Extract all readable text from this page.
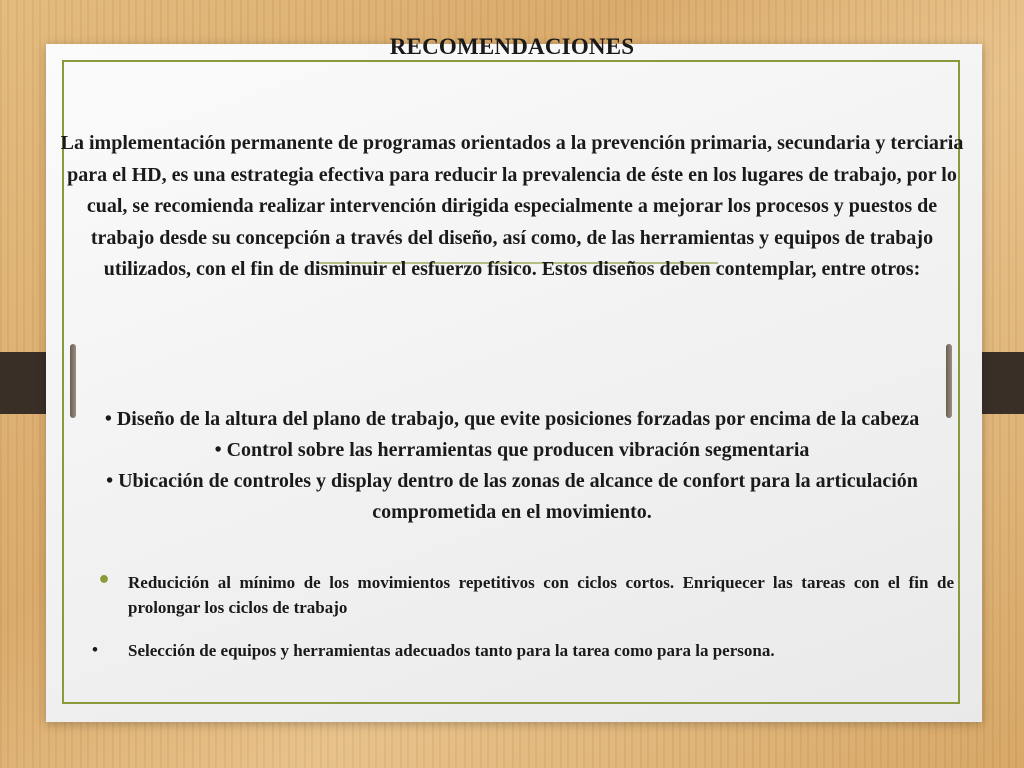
RECOMENDACIONES
La implementación permanente de programas orientados a la prevención primaria, secundaria y terciaria para el HD, es una estrategia efectiva para reducir la prevalencia de éste en los lugares de trabajo, por lo cual, se recomienda realizar intervención dirigida especialmente a mejorar los procesos y puestos de trabajo desde su concepción a través del diseño, así como, de las herramientas y equipos de trabajo utilizados, con el fin de disminuir el esfuerzo físico. Estos diseños deben contemplar, entre otros:

• Diseño de la altura del plano de trabajo, que evite posiciones forzadas por encima de la cabeza

• Control sobre las herramientas que producen vibración segmentaria

• Ubicación de controles y display dentro de las zonas de alcance de confort para la articulación comprometida en el movimiento.

• Reducición al mínimo de los movimientos repetitivos con ciclos cortos. Enriquecer las tareas con el fin de prolongar los ciclos de trabajo
• Selección de equipos y herramientas adecuados tanto para la tarea como para la persona.
